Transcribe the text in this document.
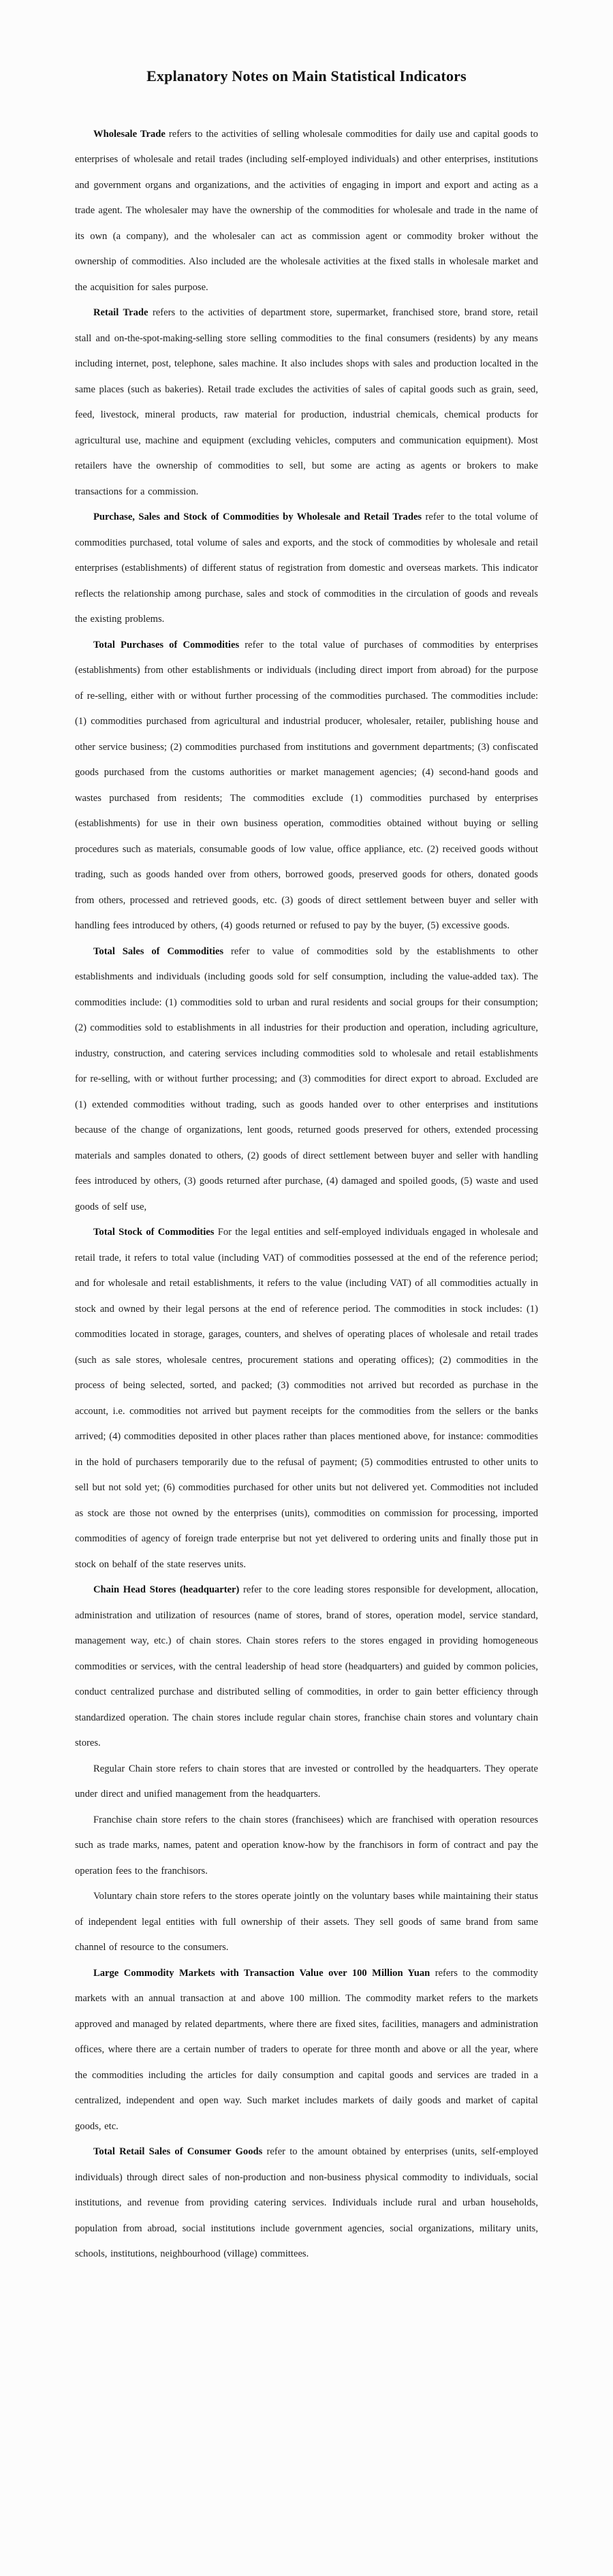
Explanatory Notes on Main Statistical Indicators

Wholesale Trade refers to the activities of selling wholesale commodities for daily use and capital goods to enterprises of wholesale and retail trades (including self-employed individuals) and other enterprises, institutions and government organs and organizations, and the activities of engaging in import and export and acting as a trade agent. The wholesaler may have the ownership of the commodities for wholesale and trade in the name of its own (a company), and the wholesaler can act as commission agent or commodity broker without the ownership of commodities. Also included are the wholesale activities at the fixed stalls in wholesale market and the acquisition for sales purpose.

Retail Trade refers to the activities of department store, supermarket, franchised store, brand store, retail stall and on-the-spot-making-selling store selling commodities to the final consumers (residents) by any means including internet, post, telephone, sales machine. It also includes shops with sales and production localted in the same places (such as bakeries). Retail trade excludes the activities of sales of capital goods such as grain, seed, feed, livestock, mineral products, raw material for production, industrial chemicals, chemical products for agricultural use, machine and equipment (excluding vehicles, computers and communication equipment). Most retailers have the ownership of commodities to sell, but some are acting as agents or brokers to make transactions for a commission.

Purchase, Sales and Stock of Commodities by Wholesale and Retail Trades refer to the total volume of commodities purchased, total volume of sales and exports, and the stock of commodities by wholesale and retail enterprises (establishments) of different status of registration from domestic and overseas markets. This indicator reflects the relationship among purchase, sales and stock of commodities in the circulation of goods and reveals the existing problems.

Total Purchases of Commodities refer to the total value of purchases of commodities by enterprises (establishments) from other establishments or individuals (including direct import from abroad) for the purpose of re-selling, either with or without further processing of the commodities purchased. The commodities include: (1) commodities purchased from agricultural and industrial producer, wholesaler, retailer, publishing house and other service business; (2) commodities purchased from institutions and government departments; (3) confiscated goods purchased from the customs authorities or market management agencies; (4) second-hand goods and wastes purchased from residents; The commodities exclude (1) commodities purchased by enterprises (establishments) for use in their own business operation, commodities obtained without buying or selling procedures such as materials, consumable goods of low value, office appliance, etc. (2) received goods without trading, such as goods handed over from others, borrowed goods, preserved goods for others, donated goods from others, processed and retrieved goods, etc. (3) goods of direct settlement between buyer and seller with handling fees introduced by others, (4) goods returned or refused to pay by the buyer, (5) excessive goods.

Total Sales of Commodities refer to value of commodities sold by the establishments to other establishments and individuals (including goods sold for self consumption, including the value-added tax). The commodities include: (1) commodities sold to urban and rural residents and social groups for their consumption; (2) commodities sold to establishments in all industries for their production and operation, including agriculture, industry, construction, and catering services including commodities sold to wholesale and retail establishments for re-selling, with or without further processing; and (3) commodities for direct export to abroad. Excluded are (1) extended commodities without trading, such as goods handed over to other enterprises and institutions because of the change of organizations, lent goods, returned goods preserved for others, extended processing materials and samples donated to others, (2) goods of direct settlement between buyer and seller with handling fees introduced by others, (3) goods returned after purchase, (4) damaged and spoiled goods, (5) waste and used goods of self use,

Total Stock of Commodities For the legal entities and self-employed individuals engaged in wholesale and retail trade, it refers to total value (including VAT) of commodities possessed at the end of the reference period; and for wholesale and retail establishments, it refers to the value (including VAT) of all commodities actually in stock and owned by their legal persons at the end of reference period. The commodities in stock includes: (1) commodities located in storage, garages, counters, and shelves of operating places of wholesale and retail trades (such as sale stores, wholesale centres, procurement stations and operating offices); (2) commodities in the process of being selected, sorted, and packed; (3) commodities not arrived but recorded as purchase in the account, i.e. commodities not arrived but payment receipts for the commodities from the sellers or the banks arrived; (4) commodities deposited in other places rather than places mentioned above, for instance: commodities in the hold of purchasers temporarily due to the refusal of payment; (5) commodities entrusted to other units to sell but not sold yet; (6) commodities purchased for other units but not delivered yet. Commodities not included as stock are those not owned by the enterprises (units), commodities on commission for processing, imported commodities of agency of foreign trade enterprise but not yet delivered to ordering units and finally those put in stock on behalf of the state reserves units.

Chain Head Stores (headquarter) refer to the core leading stores responsible for development, allocation, administration and utilization of resources (name of stores, brand of stores, operation model, service standard, management way, etc.) of chain stores. Chain stores refers to the stores engaged in providing homogeneous commodities or services, with the central leadership of head store (headquarters) and guided by common policies, conduct centralized purchase and distributed selling of commodities, in order to gain better efficiency through standardized operation. The chain stores include regular chain stores, franchise chain stores and voluntary chain stores.

Regular Chain store refers to chain stores that are invested or controlled by the headquarters. They operate under direct and unified management from the headquarters.

Franchise chain store refers to the chain stores (franchisees) which are franchised with operation resources such as trade marks, names, patent and operation know-how by the franchisors in form of contract and pay the operation fees to the franchisors.

Voluntary chain store refers to the stores operate jointly on the voluntary bases while maintaining their status of independent legal entities with full ownership of their assets. They sell goods of same brand from same channel of resource to the consumers.

Large Commodity Markets with Transaction Value over 100 Million Yuan refers to the commodity markets with an annual transaction at and above 100 million. The commodity market refers to the markets approved and managed by related departments, where there are fixed sites, facilities, managers and administration offices, where there are a certain number of traders to operate for three month and above or all the year, where the commodities including the articles for daily consumption and capital goods and services are traded in a centralized, independent and open way. Such market includes markets of daily goods and market of capital goods, etc.

Total Retail Sales of Consumer Goods refer to the amount obtained by enterprises (units, self-employed individuals) through direct sales of non-production and non-business physical commodity to individuals, social institutions, and revenue from providing catering services. Individuals include rural and urban households, population from abroad, social institutions include government agencies, social organizations, military units, schools, institutions, neighbourhood (village) committees.
